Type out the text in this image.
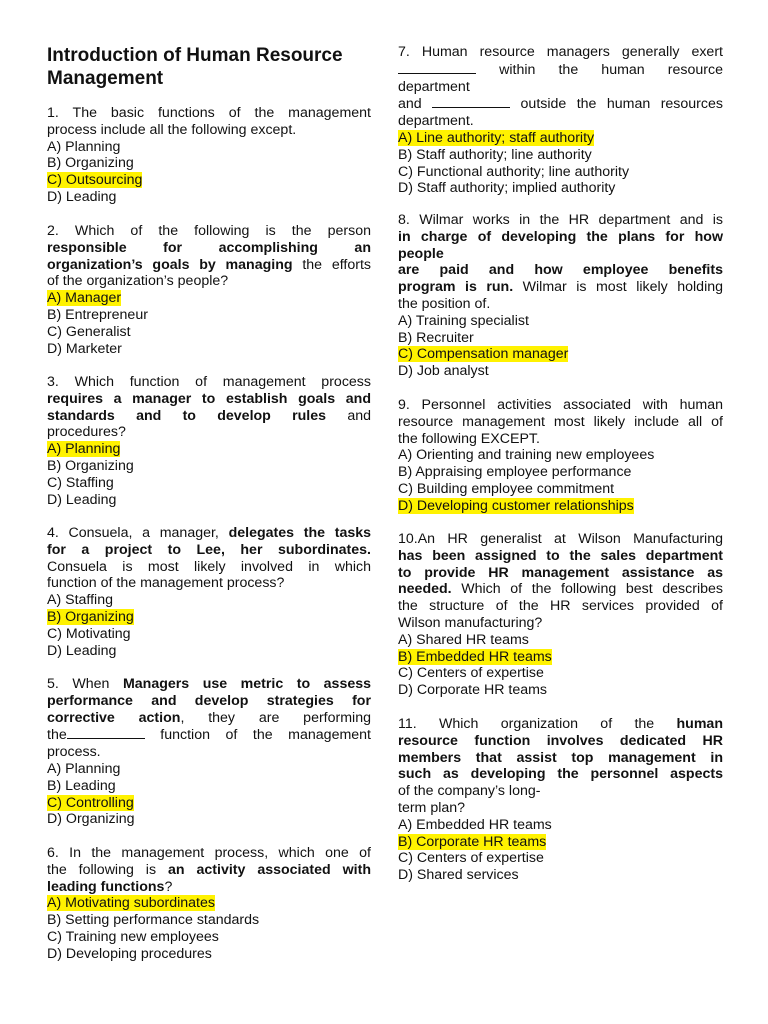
Introduction of Human Resource
Management
1. The basic functions of the management
process include all the following except.
A) Planning
B) Organizing
C) Outsourcing
D) Leading
2. Which of the following is the person
responsible for accomplishing an
organization’s goals by managing the efforts
of the organization’s people?
A) Manager
B) Entrepreneur
C) Generalist
D) Marketer
3. Which function of management process
requires a manager to establish goals and
standards and to develop rules and
procedures?
A) Planning
B) Organizing
C) Staffing
D) Leading
4. Consuela, a manager, delegates the tasks
for a project to Lee, her subordinates.
Consuela is most likely involved in which
function of the management process?
A) Staffing
B) Organizing
C) Motivating
D) Leading
5. When Managers use metric to assess
performance and develop strategies for
corrective action, they are performing
the	function of the management
process.
A) Planning
B) Leading
C) Controlling
D) Organizing
6. In the management process, which one of
the following is an activity associated with
leading functions?
A) Motivating subordinates
B) Setting performance standards
C) Training new employees
D) Developing procedures
7. Human resource managers generally exert
within the human resource
department
and	outside the human resources
department.
A) Line authority; staff authority
B) Staff authority; line authority
C) Functional authority; line authority
D) Staff authority; implied authority
8. Wilmar works in the HR department and is
in charge of developing the plans for how
people
are paid and how employee benefits
program is run. Wilmar is most likely holding
the position of.
A) Training specialist
B) Recruiter
C) Compensation manager
D) Job analyst
9. Personnel activities associated with human
resource management most likely include all of
the following EXCEPT.
A) Orienting and training new employees
B) Appraising employee performance
C) Building employee commitment
D) Developing customer relationships
10.An HR generalist at Wilson Manufacturing
has been assigned to the sales department
to provide HR management assistance as
needed. Which of the following best describes
the structure of the HR services provided of
Wilson manufacturing?
A) Shared HR teams
B) Embedded HR teams
C) Centers of expertise
D) Corporate HR teams
11. Which organization of the human
resource function involves dedicated HR
members that assist top management in
such as developing the personnel aspects
of the company’s long-
term plan?
A) Embedded HR teams
B) Corporate HR teams
C) Centers of expertise
D) Shared services
